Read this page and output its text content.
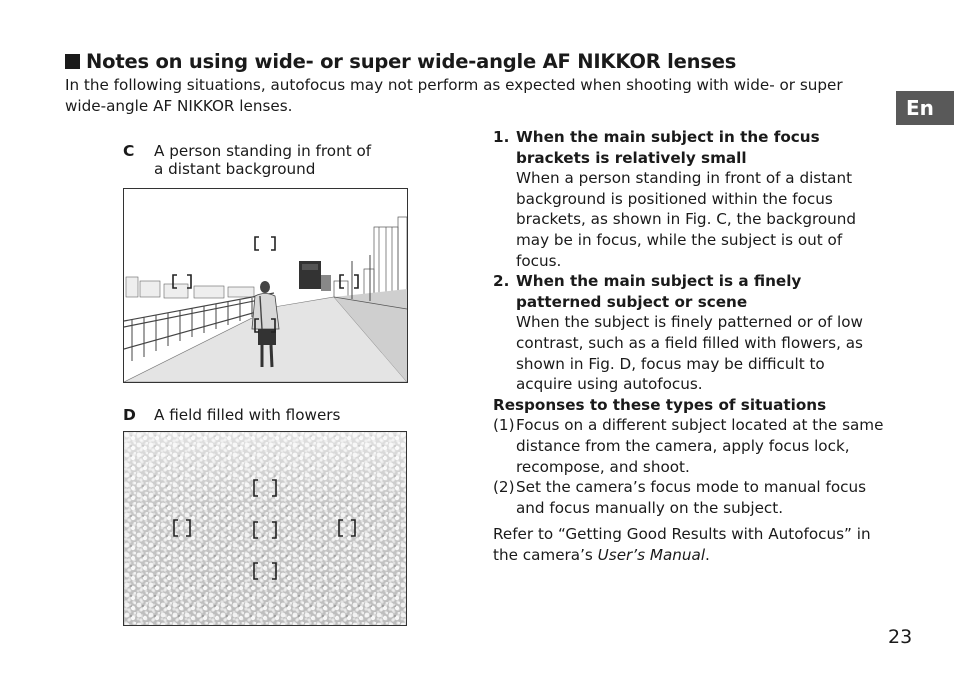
Notes on using wide- or super wide-angle AF NIKKOR lenses
In the following situations, autofocus may not perform as expected when shooting with wide- or super wide-angle AF NIKKOR lenses.	En
C A person standing in front of
a distant background
D A field filled with flowers
1. When the main subject in the focus
brackets is relatively small
When a person standing in front of a distant
background is positioned within the focus
brackets, as shown in Fig. C, the background
may be in focus, while the subject is out of
focus.
2. When the main subject is a finely
patterned subject or scene
When the subject is finely patterned or of low
contrast, such as a field filled with flowers, as
shown in Fig. D, focus may be difficult to
acquire using autofocus.
Responses to these types of situations
(1) Focus on a different subject located at the same
distance from the camera, apply focus lock,
recompose, and shoot.
(2) Set the camera’s focus mode to manual focus
and focus manually on the subject.
Refer to “Getting Good Results with Autofocus” in
the camera’s User’s Manual.
23
